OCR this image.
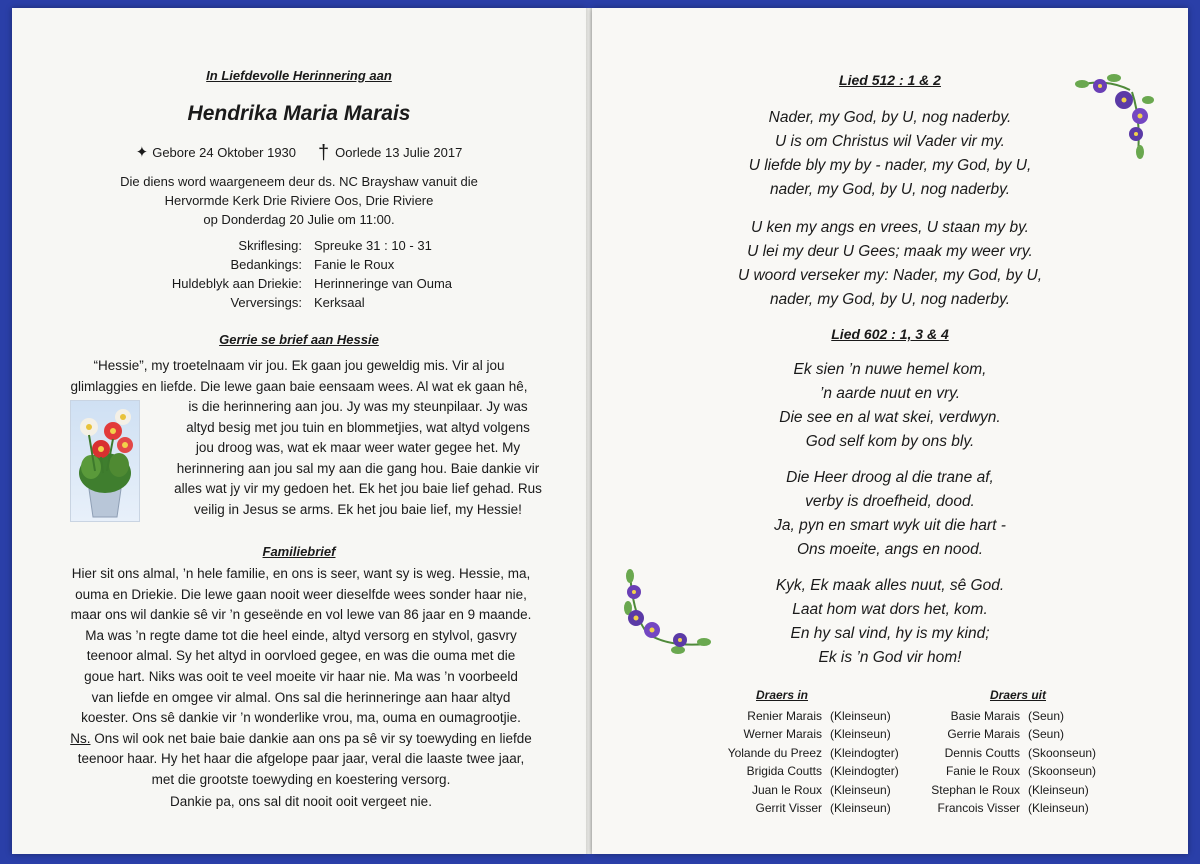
In Liefdevolle Herinnering aan
Hendrika Maria Marais
✦ Gebore 24 Oktober 1930 † Oorlede 13 Julie 2017
Die diens word waargeneem deur ds. NC Brayshaw vanuit die
Hervormde Kerk Drie Riviere Oos, Drie Riviere
op Donderdag 20 Julie om 11:00.
Skriflesing: Spreuke 31 : 10 - 31
Bedankings: Fanie le Roux
Huldeblyk aan Driekie: Herinneringe van Ouma
Verversings: Kerksaal
Gerrie se brief aan Hessie
“Hessie”, my troetelnaam vir jou. Ek gaan jou geweldig mis. Vir al jou
glimlaggies en liefde. Die lewe gaan baie eensaam wees. Al wat ek gaan hê,
is die herinnering aan jou. Jy was my steunpilaar. Jy was
altyd besig met jou tuin en blommetjies, wat altyd volgens
jou droog was, wat ek maar weer water gegee het. My
herinnering aan jou sal my aan die gang hou. Baie dankie vir
alles wat jy vir my gedoen het. Ek het jou baie lief gehad. Rus
veilig in Jesus se arms. Ek het jou baie lief, my Hessie!
Familiebrief
Hier sit ons almal, ’n hele familie, en ons is seer, want sy is weg. Hessie, ma,
ouma en Driekie. Die lewe gaan nooit weer dieselfde wees sonder haar nie,
maar ons wil dankie sê vir ’n geseënde en vol lewe van 86 jaar en 9 maande.
Ma was ’n regte dame tot die heel einde, altyd versorg en stylvol, gasvry
teenoor almal. Sy het altyd in oorvloed gegee, en was die ouma met die
goue hart. Niks was ooit te veel moeite vir haar nie. Ma was ’n voorbeeld
van liefde en omgee vir almal. Ons sal die herinneringe aan haar altyd
koester. Ons sê dankie vir ’n wonderlike vrou, ma, ouma en oumagrootjie.
Ns. Ons wil ook net baie baie dankie aan ons pa sê vir sy toewyding en liefde
teenoor haar. Hy het haar die afgelope paar jaar, veral die laaste twee jaar,
met die grootste toewyding en koestering versorg.
Dankie pa, ons sal dit nooit ooit vergeet nie.
Lied 512 : 1 & 2
Nader, my God, by U, nog naderby.
U is om Christus wil Vader vir my.
U liefde bly my by - nader, my God, by U,
nader, my God, by U, nog naderby.
U ken my angs en vrees, U staan my by.
U lei my deur U Gees; maak my weer vry.
U woord verseker my: Nader, my God, by U,
nader, my God, by U, nog naderby.
Lied 602 : 1, 3 & 4
Ek sien ’n nuwe hemel kom,
’n aarde nuut en vry.
Die see en al wat skei, verdwyn.
God self kom by ons bly.
Die Heer droog al die trane af,
verby is droefheid, dood.
Ja, pyn en smart wyk uit die hart -
Ons moeite, angs en nood.
Kyk, Ek maak alles nuut, sê God.
Laat hom wat dors het, kom.
En hy sal vind, hy is my kind;
Ek is ’n God vir hom!
Draers in
Renier Marais (Kleinseun)
Werner Marais (Kleinseun)
Yolande du Preez (Kleindogter)
Brigida Coutts (Kleindogter)
Juan le Roux (Kleinseun)
Gerrit Visser (Kleinseun)
Draers uit
Basie Marais (Seun)
Gerrie Marais (Seun)
Dennis Coutts (Skoonseun)
Fanie le Roux (Skoonseun)
Stephan le Roux (Kleinseun)
Francois Visser (Kleinseun)
